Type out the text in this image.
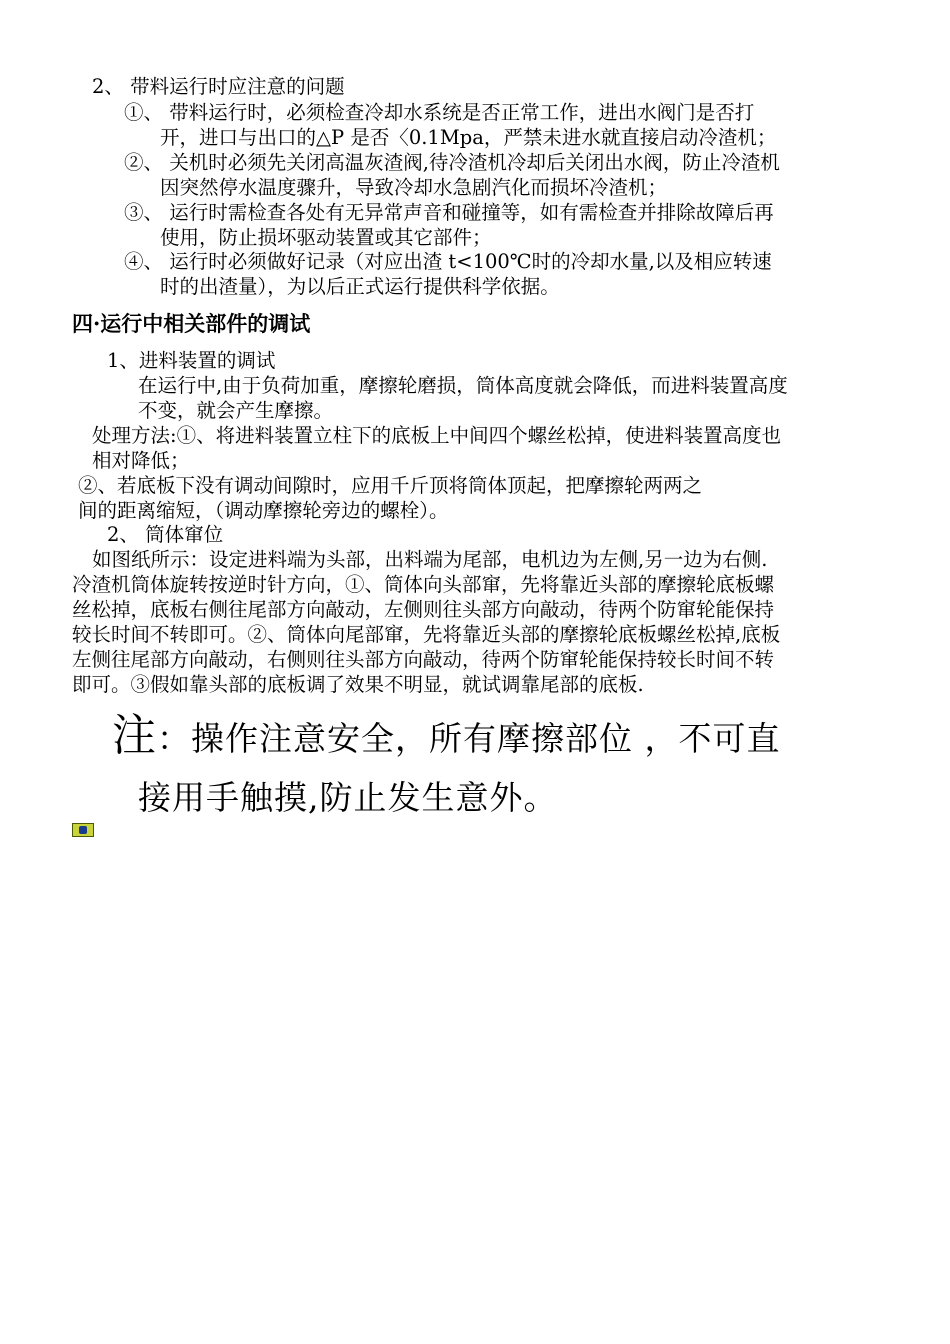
2、 带料运行时应注意的问题
①、 带料运行时，必须检查冷却水系统是否正常工作，进出水阀门是否打
开，进口与出口的△P 是否〈0.1Mpa，严禁未进水就直接启动冷渣机；
②、 关机时必须先关闭高温灰渣阀,待冷渣机冷却后关闭出水阀，防止冷渣机
因突然停水温度骤升，导致冷却水急剧汽化而损坏冷渣机；
③、 运行时需检查各处有无异常声音和碰撞等，如有需检查并排除故障后再
使用，防止损坏驱动装置或其它部件；
④、 运行时必须做好记录（对应出渣 t<100℃时的冷却水量,以及相应转速
时的出渣量），为以后正式运行提供科学依据。
四·运行中相关部件的调试
1、进料装置的调试
在运行中,由于负荷加重，摩擦轮磨损，筒体高度就会降低，而进料装置高度
不变，就会产生摩擦。
处理方法:①、将进料装置立柱下的底板上中间四个螺丝松掉，使进料装置高度也
相对降低；
②、若底板下没有调动间隙时，应用千斤顶将筒体顶起，把摩擦轮两两之
间的距离缩短，（调动摩擦轮旁边的螺栓）。
2、 筒体窜位
如图纸所示：设定进料端为头部，出料端为尾部，电机边为左侧,另一边为右侧.
冷渣机筒体旋转按逆时针方向，①、筒体向头部窜，先将靠近头部的摩擦轮底板螺
丝松掉，底板右侧往尾部方向敲动，左侧则往头部方向敲动，待两个防窜轮能保持
较长时间不转即可。②、筒体向尾部窜，先将靠近头部的摩擦轮底板螺丝松掉,底板
左侧往尾部方向敲动，右侧则往头部方向敲动，待两个防窜轮能保持较长时间不转
即可。③假如靠头部的底板调了效果不明显，就试调靠尾部的底板.
注：操作注意安全，所有摩擦部位 ，不可直
接用手触摸,防止发生意外。
